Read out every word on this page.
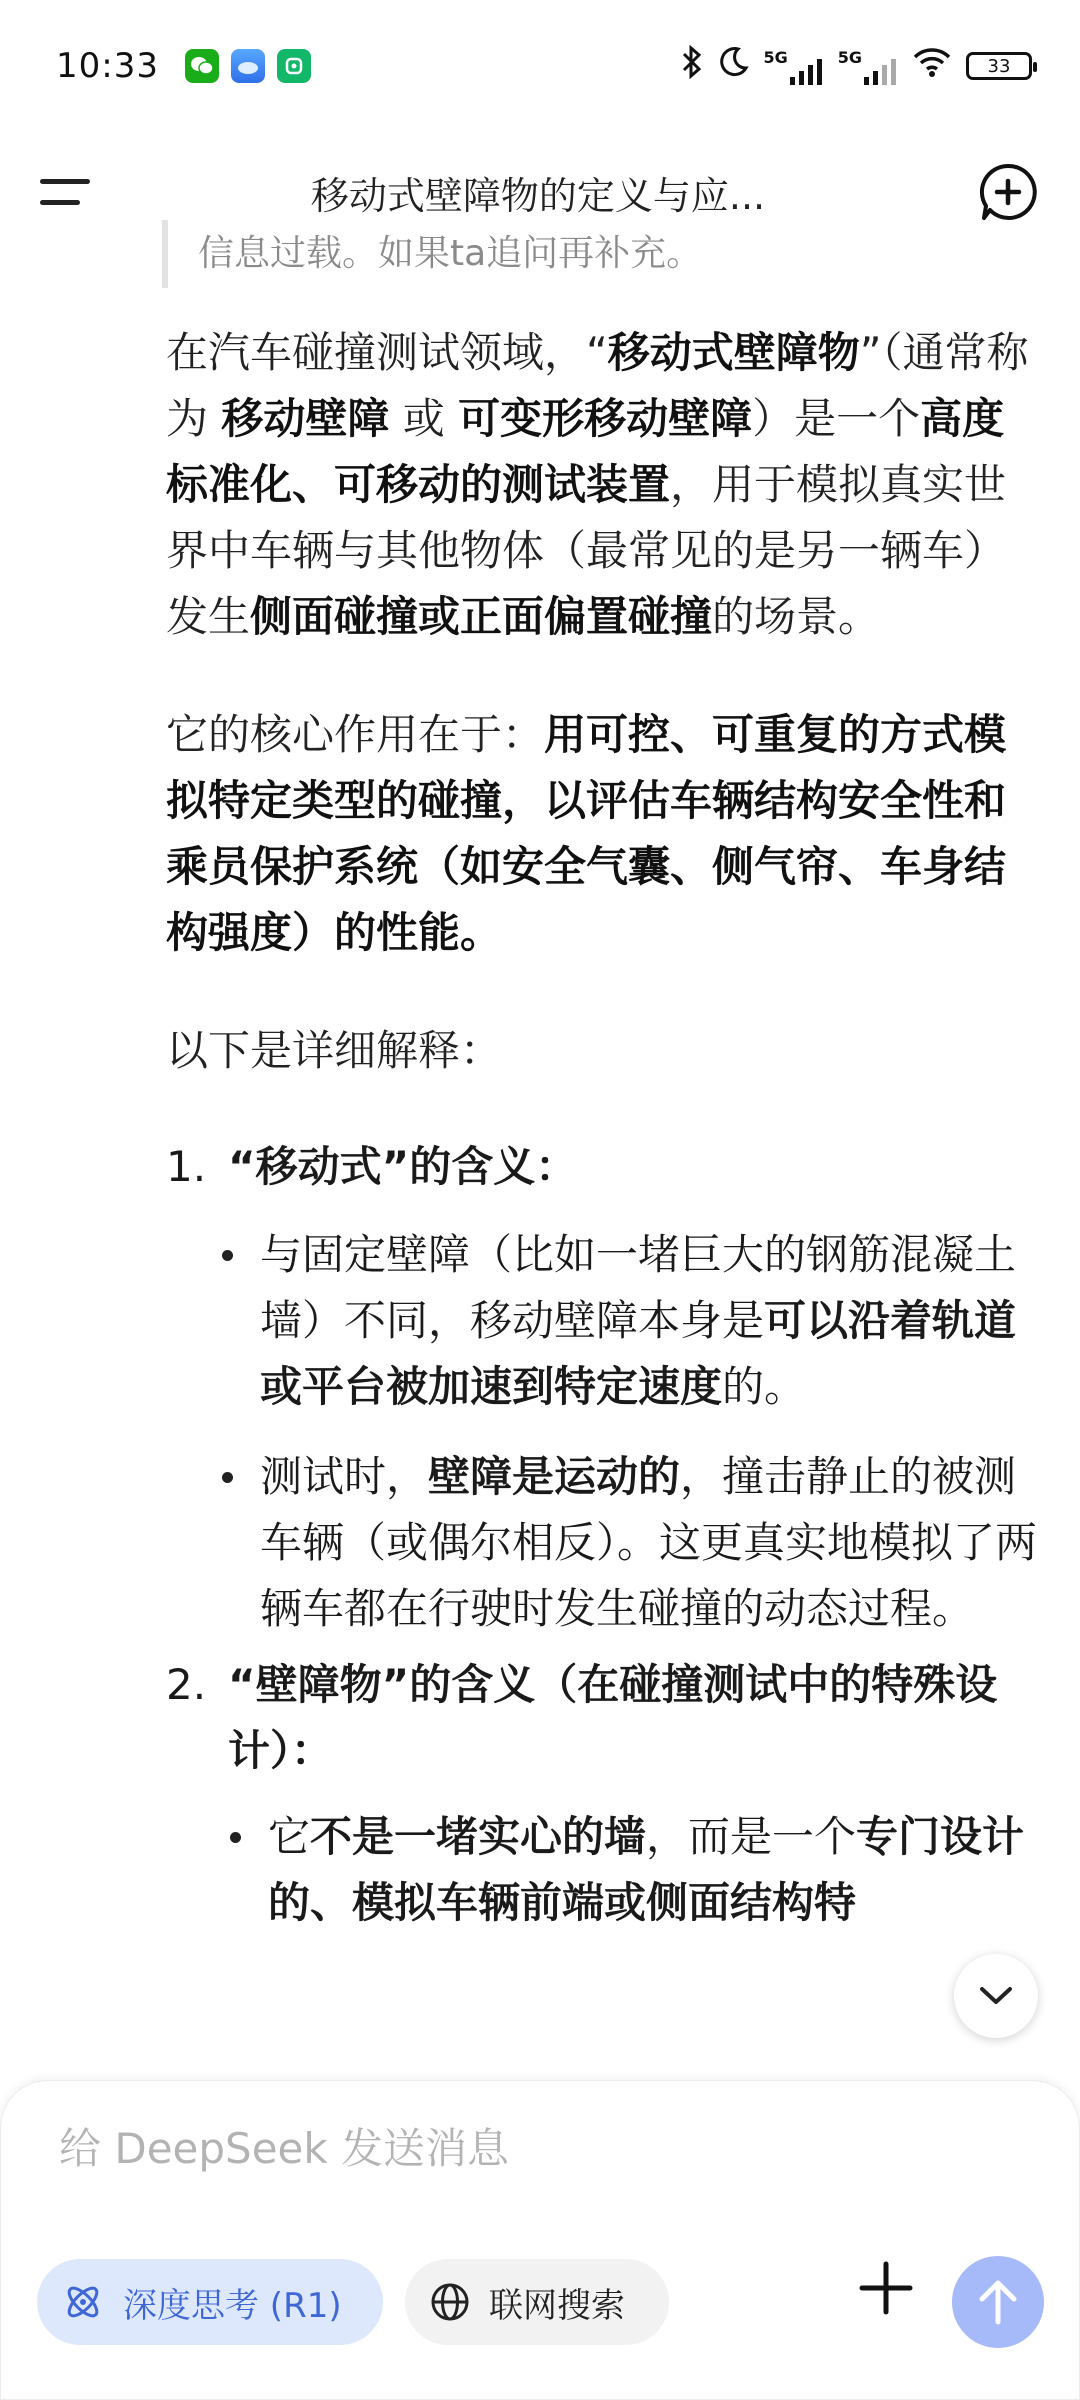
10:33	5G	5G	33
移动式壁障物的定义与应...
信息过载。如果ta追问再补充。
在汽车碰撞测试领域，“移动式壁障物”（通常称为 移动壁障 或 可变形移动壁障）是一个高度标准化、可移动的测试装置，用于模拟真实世界中车辆与其他物体（最常见的是另一辆车）发生侧面碰撞或正面偏置碰撞的场景。
它的核心作用在于：用可控、可重复的方式模拟特定类型的碰撞，以评估车辆结构安全性和乘员保护系统（如安全气囊、侧气帘、车身结构强度）的性能。
以下是详细解释：
1. “移动式”的含义：
与固定壁障（比如一堵巨大的钢筋混凝土墙）不同，移动壁障本身是可以沿着轨道或平台被加速到特定速度的。
测试时，壁障是运动的，撞击静止的被测车辆（或偶尔相反）。这更真实地模拟了两辆车都在行驶时发生碰撞的动态过程。
2. “壁障物”的含义（在碰撞测试中的特殊设计）：
它不是一堵实心的墙，而是一个专门设计的、模拟车辆前端或侧面结构特
给 DeepSeek 发送消息
深度思考 (R1)	联网搜索
